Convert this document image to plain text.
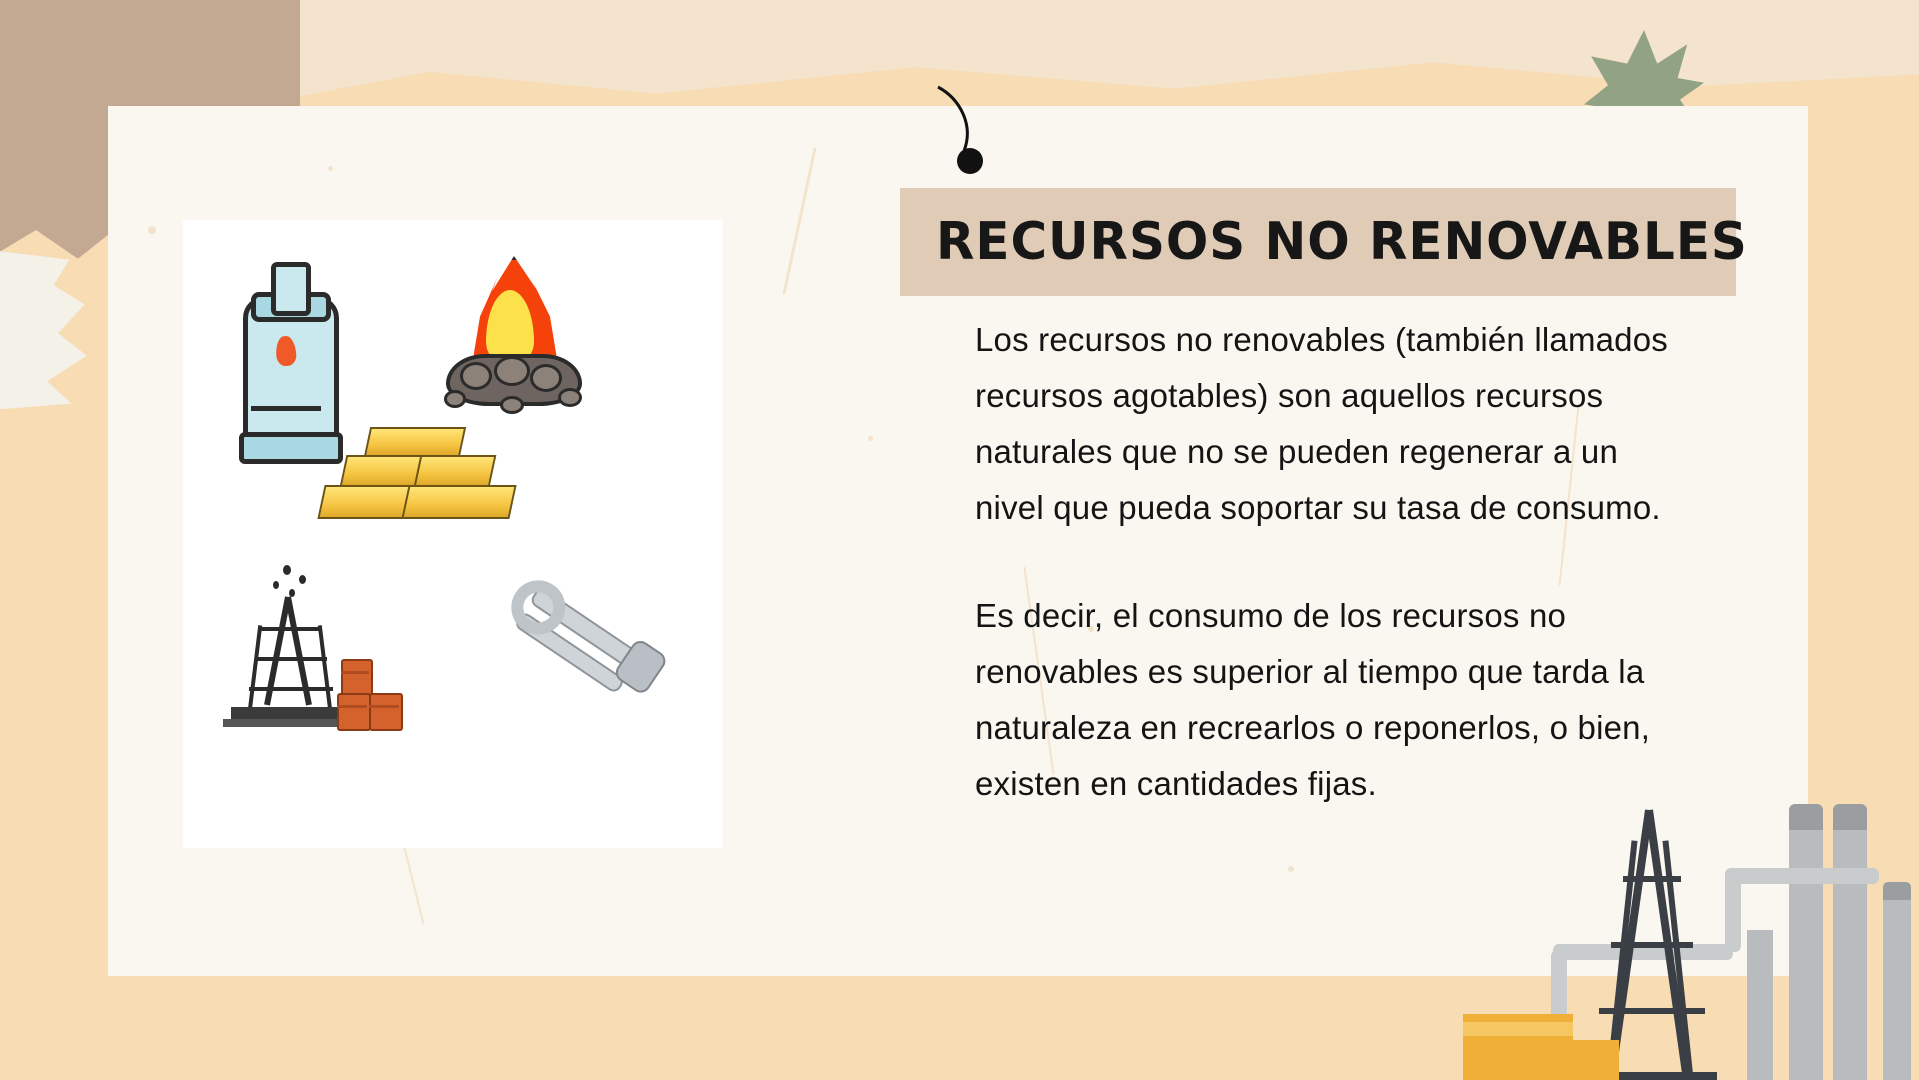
RECURSOS NO RENOVABLES

Los recursos no renovables (también llamados recursos agotables) son aquellos recursos naturales que no se pueden regenerar a un nivel que pueda soportar su tasa de consumo.

Es decir, el consumo de los recursos no renovables es superior al tiempo que tarda la naturaleza en recrearlos o reponerlos, o bien, existen en cantidades fijas.
